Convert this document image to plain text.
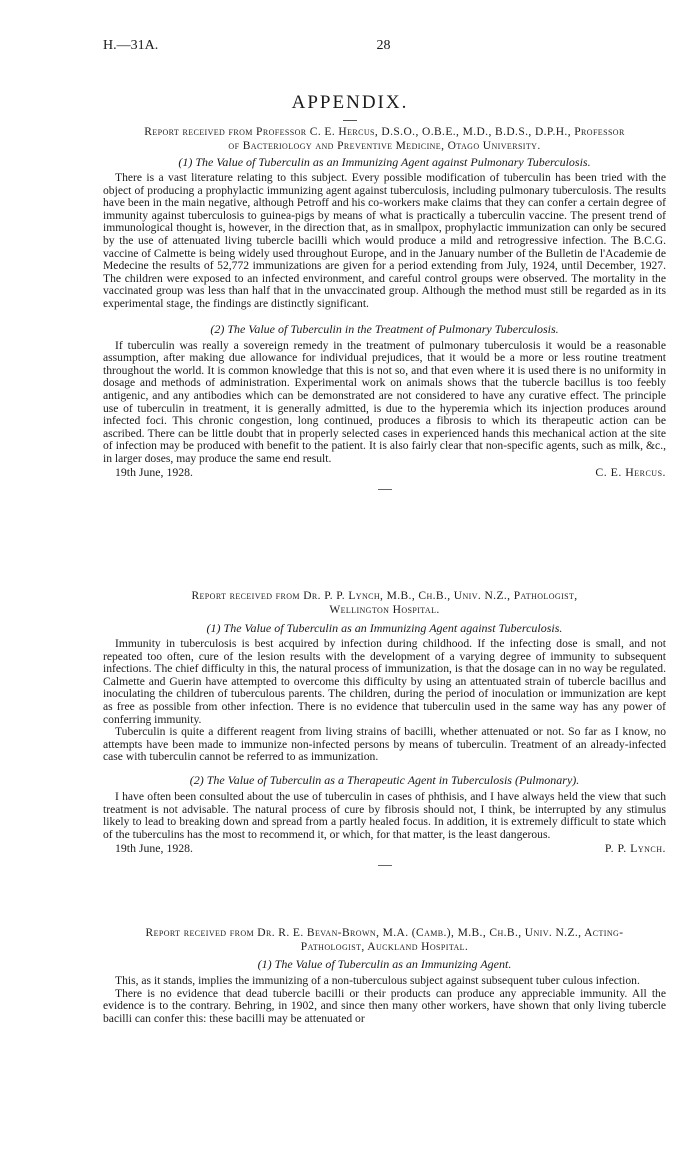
H.—31A.	28
APPENDIX.
Report received from Professor C. E. Hercus, D.S.O., O.B.E., M.D., B.D.S., D.P.H., Professor
of Bacteriology and Preventive Medicine, Otago University.
(1) The Value of Tuberculin as an Immunizing Agent against Pulmonary Tuberculosis.

There is a vast literature relating to this subject. Every possible modification of tuberculin has been tried with the object of producing a prophylactic immunizing agent against tuberculosis, including pulmonary tuberculosis. The results have been in the main negative, although Petroff and his co-workers make claims that they can confer a certain degree of immunity against tuberculosis to guinea-pigs by means of what is practically a tuberculin vaccine. The present trend of immunological thought is, however, in the direction that, as in smallpox, prophylactic immunization can only be secured by the use of attenuated living tubercle bacilli which would produce a mild and retrogressive infection. The B.C.G. vaccine of Calmette is being widely used throughout Europe, and in the January number of the Bulletin de l'Academie de Medecine the results of 52,772 immunizations are given for a period extending from July, 1924, until December, 1927. The children were exposed to an infected environment, and careful control groups were observed. The mortality in the vaccinated group was less than half that in the unvaccinated group. Although the method must still be regarded as in its experimental stage, the findings are distinctly significant.

(2) The Value of Tuberculin in the Treatment of Pulmonary Tuberculosis.

If tuberculin was really a sovereign remedy in the treatment of pulmonary tuberculosis it would be a reasonable assumption, after making due allowance for individual prejudices, that it would be a more or less routine treatment throughout the world. It is common knowledge that this is not so, and that even where it is used there is no uniformity in dosage and methods of administration. Experimental work on animals shows that the tubercle bacillus is too feebly antigenic, and any antibodies which can be demonstrated are not considered to have any curative effect. The principle use of tuberculin in treatment, it is generally admitted, is due to the hyperemia which its injection produces around infected foci. This chronic congestion, long continued, produces a fibrosis to which its therapeutic action can be ascribed. There can be little doubt that in properly selected cases in experienced hands this mechanical action at the site of infection may be produced with benefit to the patient. It is also fairly clear that non-specific agents, such as milk, &c., in larger doses, may produce the same end result.

19th June, 1928.	C. E. Hercus.
Report received from Dr. P. P. Lynch, M.B., Ch.B., Univ. N.Z., Pathologist,
Wellington Hospital.
(1) The Value of Tuberculin as an Immunizing Agent against Tuberculosis.

Immunity in tuberculosis is best acquired by infection during childhood. If the infecting dose is small, and not repeated too often, cure of the lesion results with the development of a varying degree of immunity to subsequent infections. The chief difficulty in this, the natural process of immunization, is that the dosage can in no way be regulated. Calmette and Guerin have attempted to overcome this difficulty by using an attentuated strain of tubercle bacillus and inoculating the children of tuberculous parents. The children, during the period of inoculation or immunization are kept as free as possible from other infection. There is no evidence that tuberculin used in the same way has any power of conferring immunity.

Tuberculin is quite a different reagent from living strains of bacilli, whether attenuated or not. So far as I know, no attempts have been made to immunize non-infected persons by means of tuberculin. Treatment of an already-infected case with tuberculin cannot be referred to as immunization.

(2) The Value of Tuberculin as a Therapeutic Agent in Tuberculosis (Pulmonary).

I have often been consulted about the use of tuberculin in cases of phthisis, and I have always held the view that such treatment is not advisable. The natural process of cure by fibrosis should not, I think, be interrupted by any stimulus likely to lead to breaking down and spread from a partly healed focus. In addition, it is extremely difficult to state which of the tuberculins has the most to recommend it, or which, for that matter, is the least dangerous.

19th June, 1928.	P. P. Lynch.
Report received from Dr. R. E. Bevan-Brown, M.A. (Camb.), M.B., Ch.B., Univ. N.Z., Acting-
Pathologist, Auckland Hospital.
(1) The Value of Tuberculin as an Immunizing Agent.

This, as it stands, implies the immunizing of a non-tuberculous subject against subsequent tuber culous infection.

There is no evidence that dead tubercle bacilli or their products can produce any appreciable immunity. All the evidence is to the contrary. Behring, in 1902, and since then many other workers, have shown that only living tubercle bacilli can confer this: these bacilli may be attenuated or
